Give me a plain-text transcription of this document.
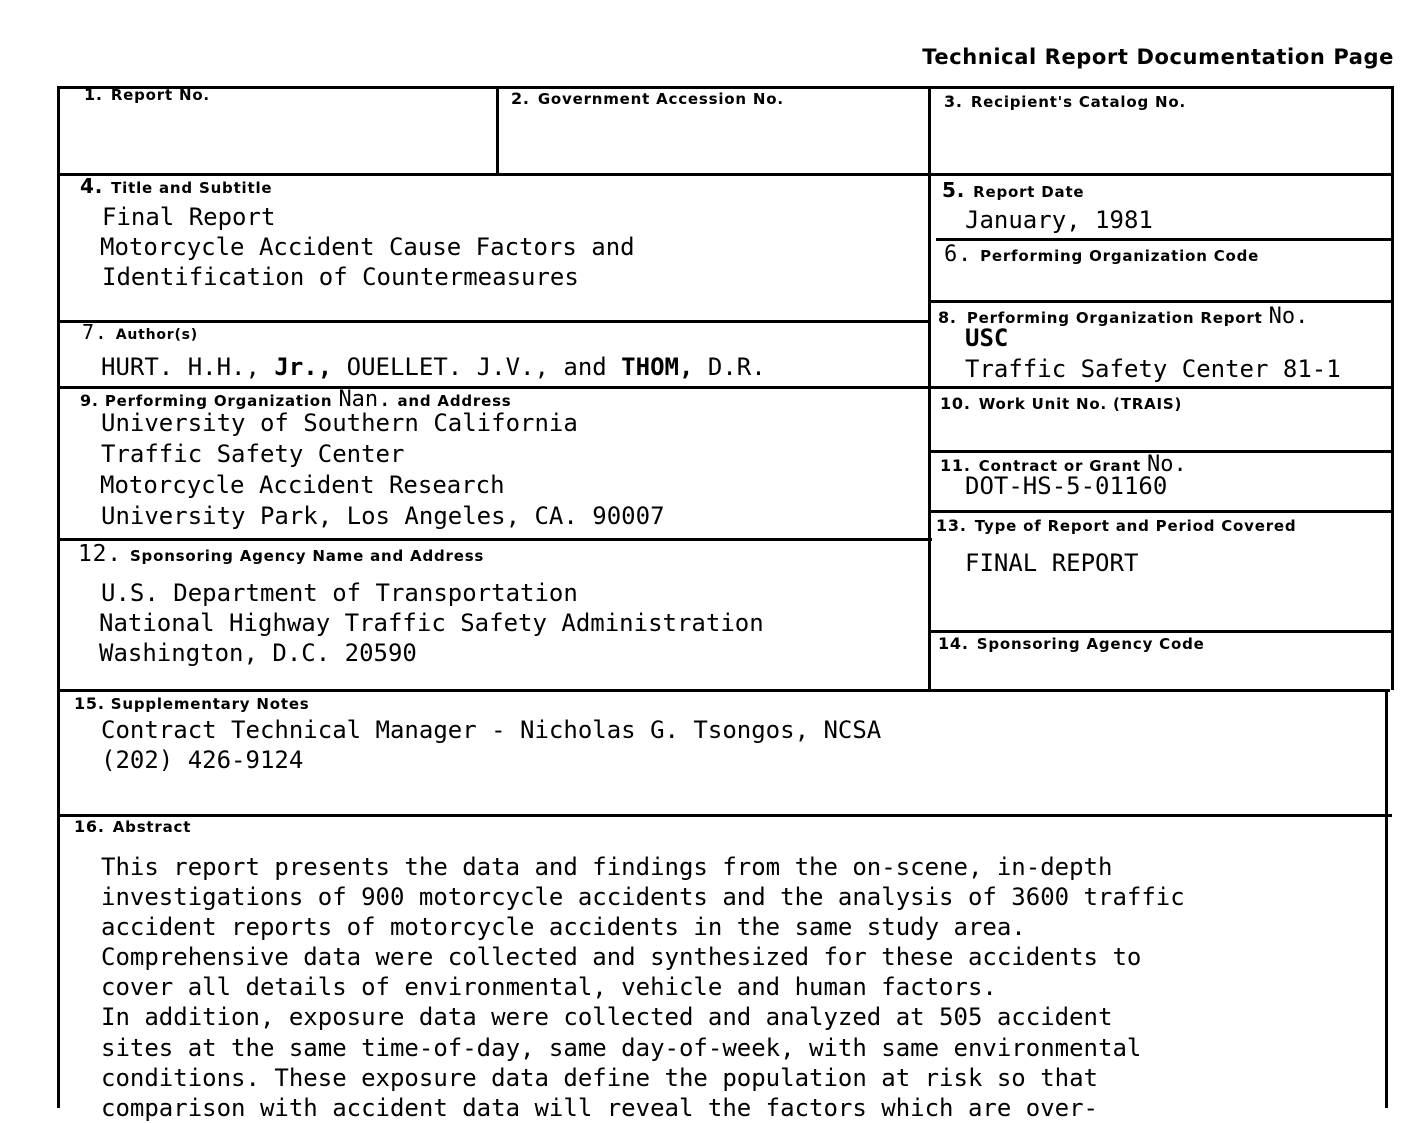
Technical Report Documentation Page
1. Report No.	2. Government Accession No.	3. Recipient's Catalog No.
4. Title and Subtitle
Final Report
Motorcycle Accident Cause Factors and
Identification of Countermeasures
5. Report Date
January, 1981
6. Performing Organization Code
7. Author(s)
HURT. H.H., Jr., OUELLET. J.V., and THOM, D.R.
8. Performing Organization Report No.
USC
Traffic Safety Center 81-1
9. Performing Organization Nan. and Address
University of Southern California
Traffic Safety Center
Motorcycle Accident Research
University Park, Los Angeles, CA. 90007
10. Work Unit No. (TRAIS)
11. Contract or Grant No.
DOT-HS-5-01160
12. Sponsoring Agency Name and Address
U.S. Department of Transportation
National Highway Traffic Safety Administration
Washington, D.C. 20590
13. Type of Report and Period Covered
FINAL REPORT
14. Sponsoring Agency Code
15. Supplementary Notes
Contract Technical Manager - Nicholas G. Tsongos, NCSA
(202) 426-9124
16. Abstract
This report presents the data and findings from the on-scene, in-depth
investigations of 900 motorcycle accidents and the analysis of 3600 traffic
accident reports of motorcycle accidents in the same study area.
Comprehensive data were collected and synthesized for these accidents to
cover all details of environmental, vehicle and human factors.
In addition, exposure data were collected and analyzed at 505 accident
sites at the same time-of-day, same day-of-week, with same environmental
conditions. These exposure data define the population at risk so that
comparison with accident data will reveal the factors which are over-
